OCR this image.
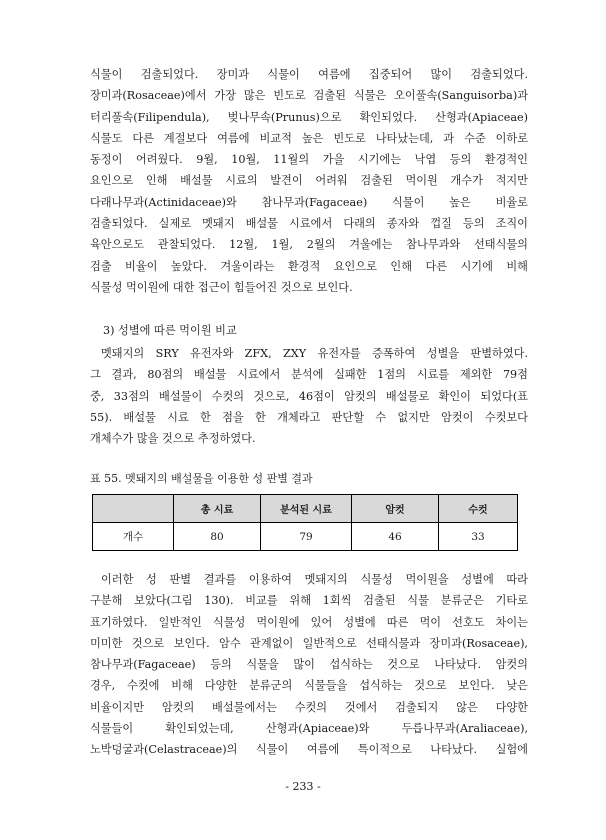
식물이 검출되었다. 장미과 식물이 여름에 집중되어 많이 검출되었다.
장미과(Rosaceae)에서 가장 많은 빈도로 검출된 식물은 오이풀속(Sanguisorba)과
터리풀속(Filipendula), 벚나무속(Prunus)으로 확인되었다. 산형과(Apiaceae)
식물도 다른 계절보다 여름에 비교적 높은 빈도로 나타났는데, 과 수준 이하로
동정이 어려웠다. 9월, 10월, 11월의 가을 시기에는 낙엽 등의 환경적인
요인으로 인해 배설물 시료의 발견이 어려워 검출된 먹이원 개수가 적지만
다래나무과(Actinidaceae)와 참나무과(Fagaceae) 식물이 높은 비율로
검출되었다. 실제로 멧돼지 배설물 시료에서 다래의 종자와 껍질 등의 조직이
육안으로도 관찰되었다. 12월, 1월, 2월의 겨울에는 참나무과와 선태식물의
검출 비율이 높았다. 겨울이라는 환경적 요인으로 인해 다른 시기에 비해
식물성 먹이원에 대한 접근이 힘들어진 것으로 보인다.
3) 성별에 따른 먹이원 비교
멧돼지의 SRY 유전자와 ZFX, ZXY 유전자를 증폭하여 성별을 판별하였다.
그 결과, 80점의 배설물 시료에서 분석에 실패한 1점의 시료를 제외한 79점
중, 33점의 배설물이 수컷의 것으로, 46점이 암컷의 배설물로 확인이 되었다(표
55). 배설물 시료 한 점을 한 개체라고 판단할 수 없지만 암컷이 수컷보다
개체수가 많을 것으로 추정하였다.
표 55. 멧돼지의 배설물을 이용한 성 판별 결과
	총 시료	분석된 시료	암컷	수컷
개수	80	79	46	33
이러한 성 판별 결과를 이용하여 멧돼지의 식물성 먹이원을 성별에 따라
구분해 보았다(그림 130). 비교를 위해 1회씩 검출된 식물 분류군은 기타로
표기하였다. 일반적인 식물성 먹이원에 있어 성별에 따른 먹이 선호도 차이는
미미한 것으로 보인다. 암수 관계없이 일반적으로 선태식물과 장미과(Rosaceae),
참나무과(Fagaceae) 등의 식물을 많이 섭식하는 것으로 나타났다. 암컷의
경우, 수컷에 비해 다양한 분류군의 식물들을 섭식하는 것으로 보인다. 낮은
비율이지만 암컷의 배설물에서는 수컷의 것에서 검출되지 않은 다양한
식물들이 확인되었는데, 산형과(Apiaceae)와 두릅나무과(Araliaceae),
노박덩굴과(Celastraceae)의 식물이 여름에 특이적으로 나타났다. 실험에
- 233 -
